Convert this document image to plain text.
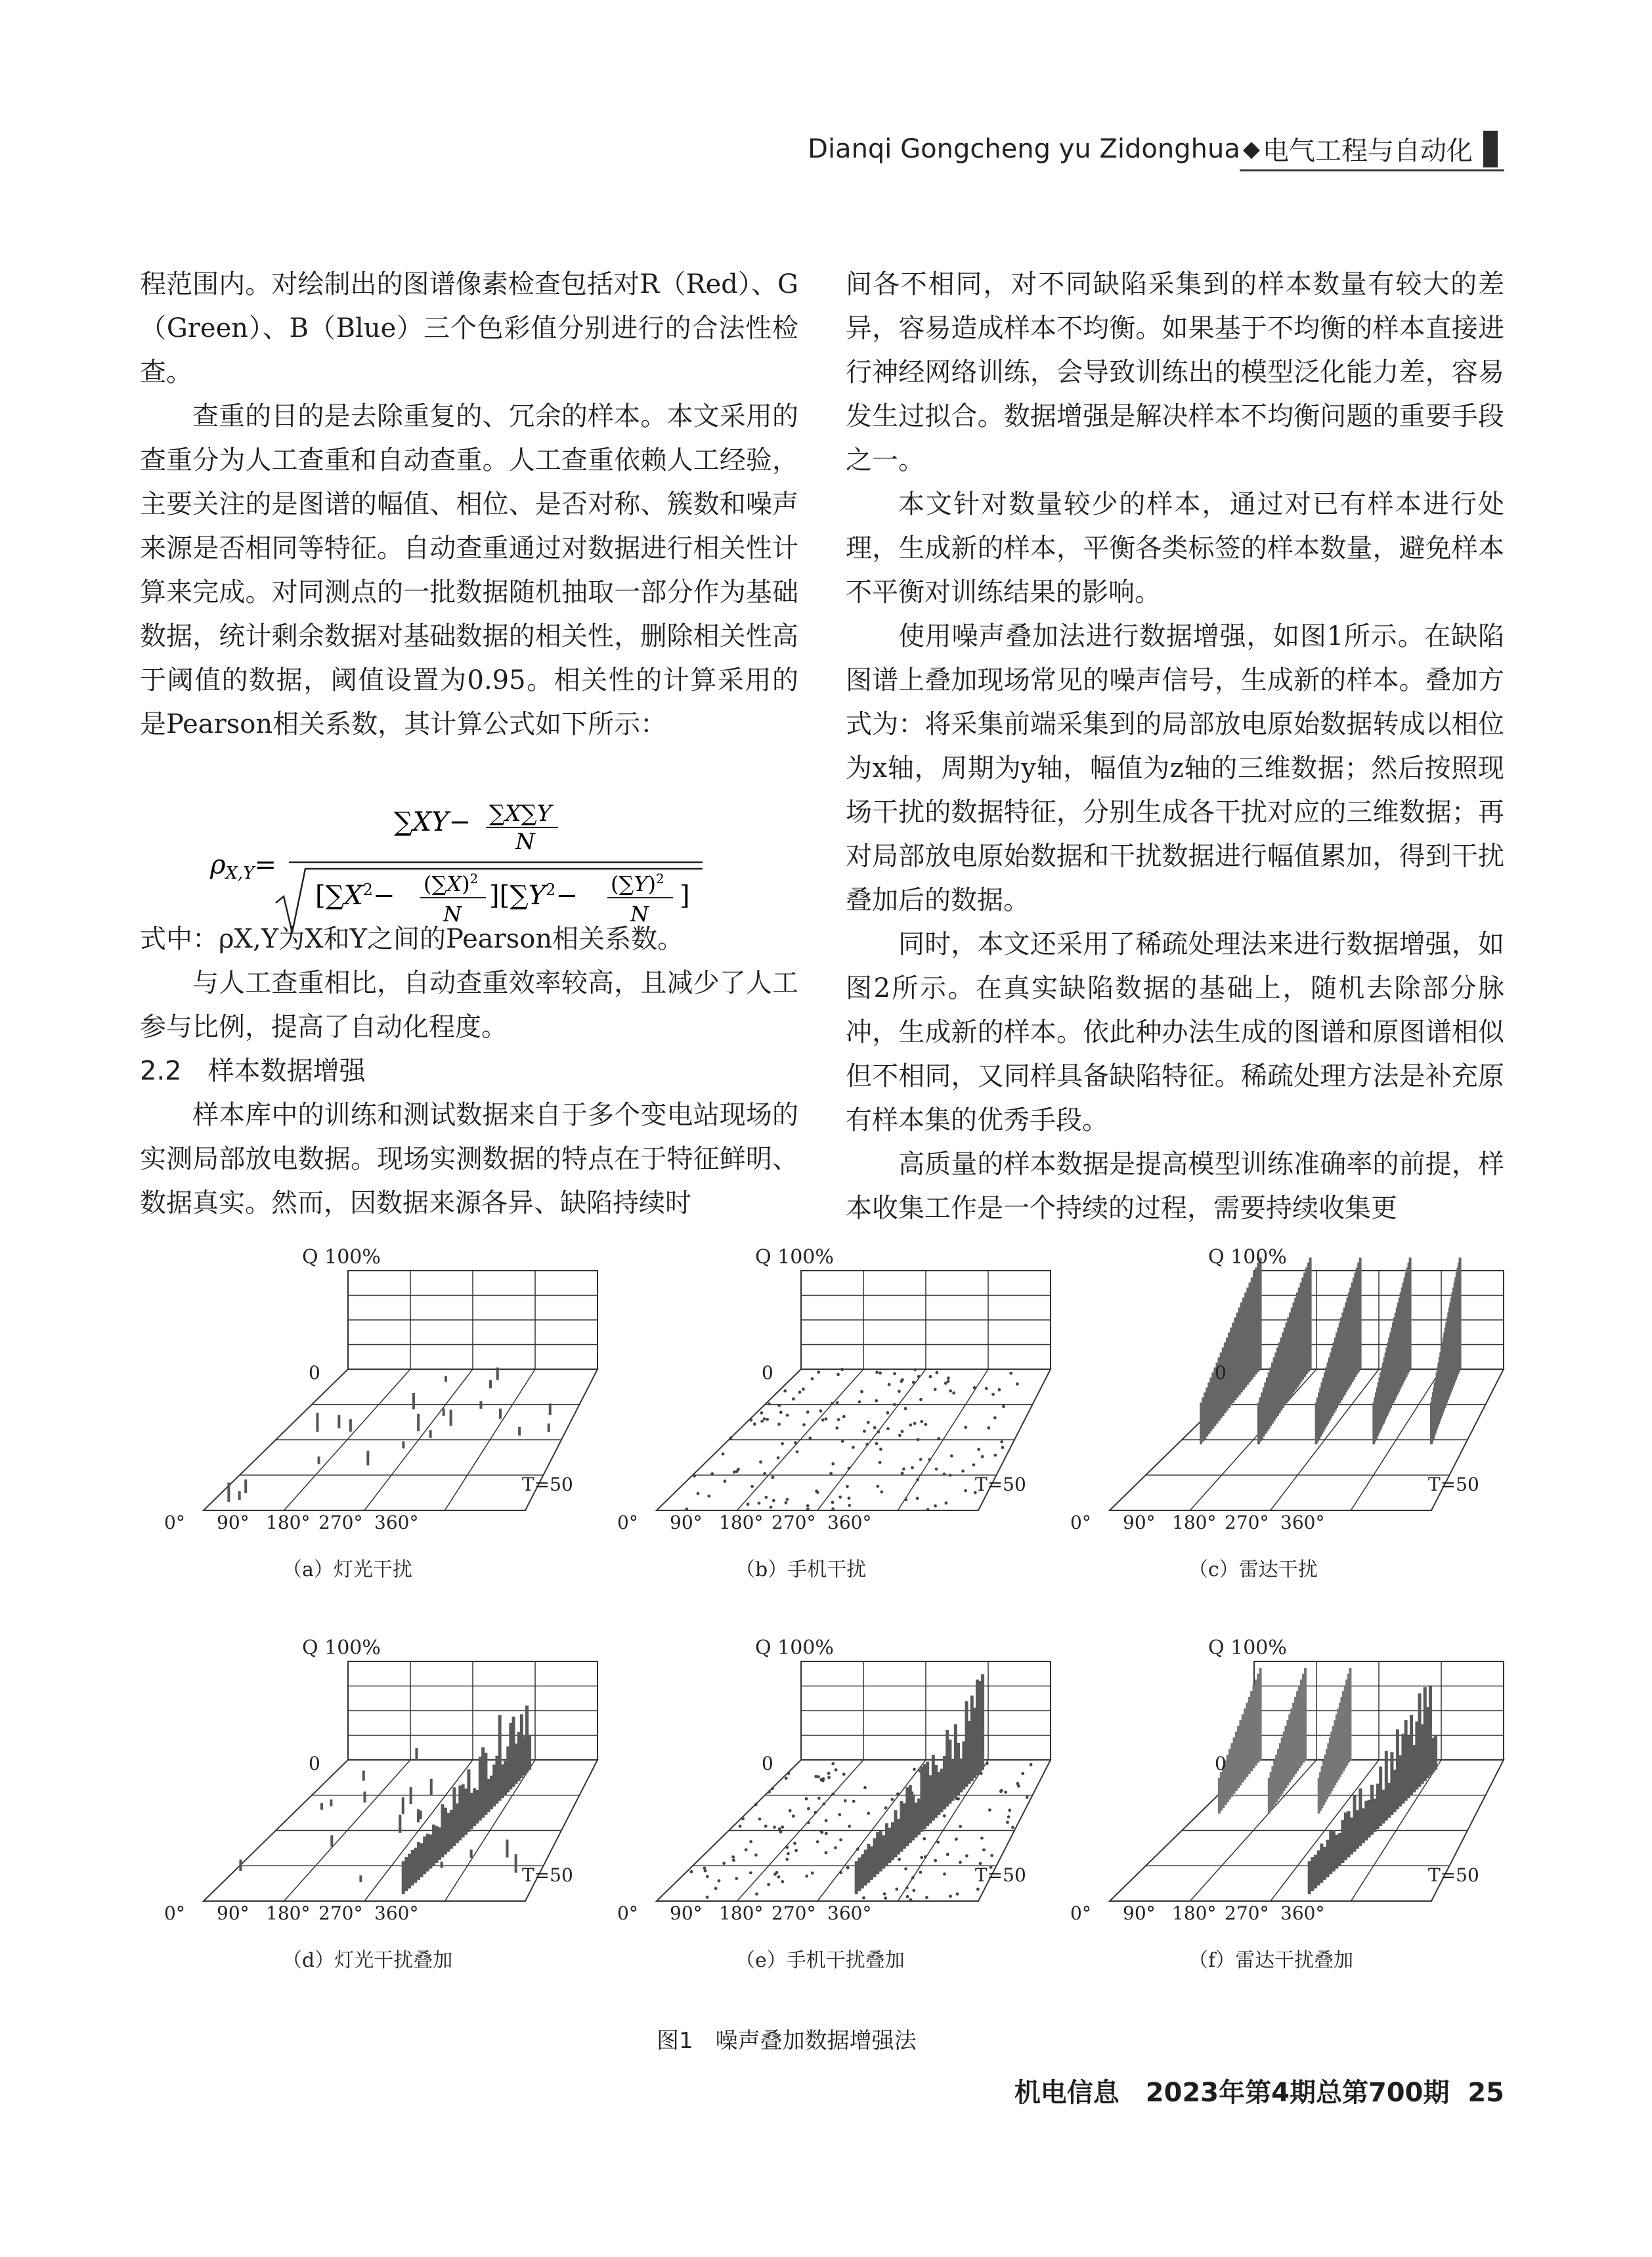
Dianqi Gongcheng yu Zidonghua ◆ 电气工程与自动化

程范围内。对绘制出的图谱像素检查包括对R（Red）、G（Green）、B（Blue）三个色彩值分别进行的合法性检查。

查重的目的是去除重复的、冗余的样本。本文采用的查重分为人工查重和自动查重。人工查重依赖人工经验，主要关注的是图谱的幅值、相位、是否对称、簇数和噪声来源是否相同等特征。自动查重通过对数据进行相关性计算来完成。对同测点的一批数据随机抽取一部分作为基础数据，统计剩余数据对基础数据的相关性，删除相关性高于阈值的数据，阈值设置为0.95。相关性的计算采用的是Pearson相关系数，其计算公式如下所示：

式中：ρX,Y为X和Y之间的Pearson相关系数。

与人工查重相比，自动查重效率较高，且减少了人工参与比例，提高了自动化程度。

2.2　样本数据增强

样本库中的训练和测试数据来自于多个变电站现场的实测局部放电数据。现场实测数据的特点在于特征鲜明、数据真实。然而，因数据来源各异、缺陷持续时

$\rho_{X,Y}=$
∑XY− ∑X∑Y
N
[$\sum X^2- (\sum X)^2$
N
][$\sum Y^2- (\sum Y)^2$
N
]

间各不相同，对不同缺陷采集到的样本数量有较大的差异，容易造成样本不均衡。如果基于不均衡的样本直接进行神经网络训练，会导致训练出的模型泛化能力差，容易发生过拟合。数据增强是解决样本不均衡问题的重要手段之一。

本文针对数量较少的样本，通过对已有样本进行处理，生成新的样本，平衡各类标签的样本数量，避免样本不平衡对训练结果的影响。

使用噪声叠加法进行数据增强，如图1所示。在缺陷图谱上叠加现场常见的噪声信号，生成新的样本。叠加方式为：将采集前端采集到的局部放电原始数据转成以相位为x轴，周期为y轴，幅值为z轴的三维数据；然后按照现场干扰的数据特征，分别生成各干扰对应的三维数据；再对局部放电原始数据和干扰数据进行幅值累加，得到干扰叠加后的数据。

同时，本文还采用了稀疏处理法来进行数据增强，如图2所示。在真实缺陷数据的基础上，随机去除部分脉冲，生成新的样本。依此种办法生成的图谱和原图谱相似但不相同，又同样具备缺陷特征。稀疏处理方法是补充原有样本集的优秀手段。

高质量的样本数据是提高模型训练准确率的前提，样本收集工作是一个持续的过程，需要持续收集更

Q 100%
0
T=50
0° 90° 180° 270° 360°
（a）灯光干扰
Q 100%
0
T=50
0° 90° 180° 270° 360°
（b）手机干扰
Q 100%
0
T=50
0° 90° 180° 270° 360°
（c）雷达干扰
Q 100%
0
T=50
0° 90° 180° 270° 360°
（d）灯光干扰叠加
Q 100%
0
T=50
0° 90° 180° 270° 360°
（e）手机干扰叠加
Q 100%
0
T=50
0° 90° 180° 270° 360°
（f）雷达干扰叠加
图1　噪声叠加数据增强法
机电信息　2023年第4期总第700期 25
